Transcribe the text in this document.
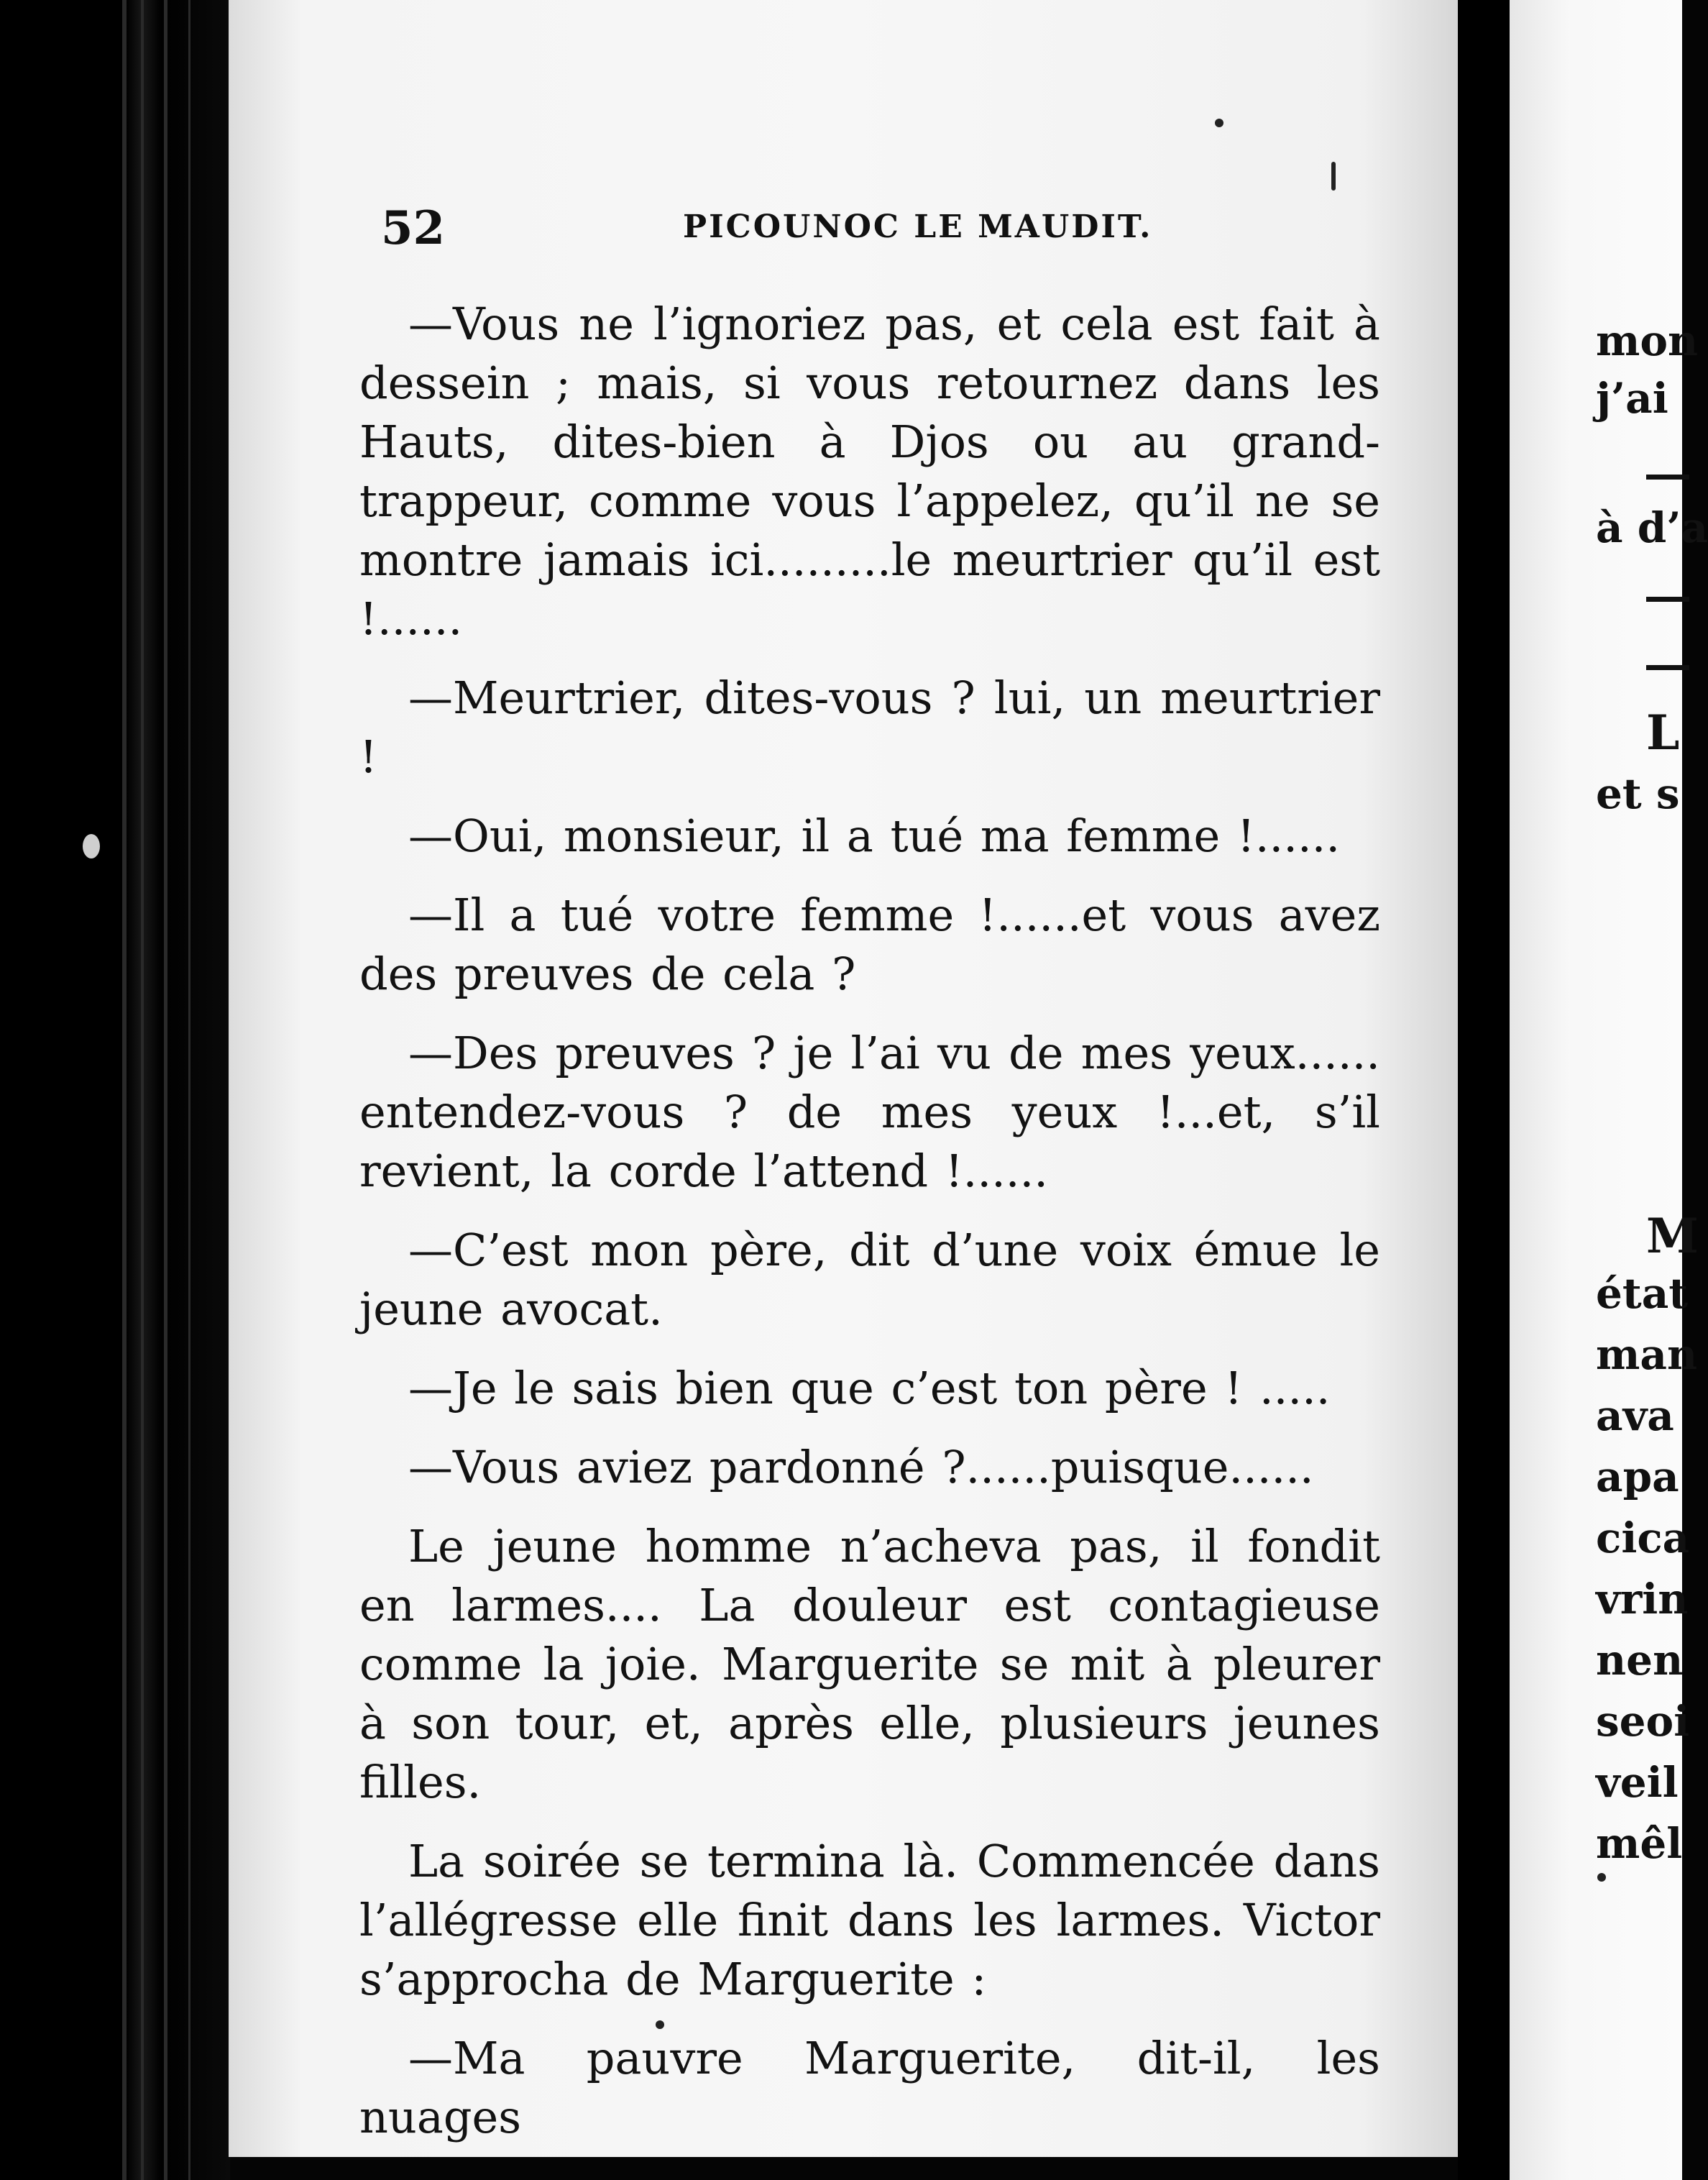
52	PICOUNOC LE MAUDIT.

—Vous ne l’ignoriez pas, et cela est fait à dessein ; mais, si vous retournez dans les Hauts, dites-bien à Djos ou au grand-trappeur, comme vous l’appelez, qu’il ne se montre jamais ici.........le meurtrier qu’il est !......

—Meurtrier, dites-vous ? lui, un meurtrier !

—Oui, monsieur, il a tué ma femme !......

—Il a tué votre femme !......et vous avez des preuves de cela ?

—Des preuves ? je l’ai vu de mes yeux...... entendez-vous ? de mes yeux !...et, s’il revient, la corde l’attend !......

—C’est mon père, dit d’une voix émue le jeune avocat.

—Je le sais bien que c’est ton père ! .....

—Vous aviez pardonné ?......puisque......

Le jeune homme n’acheva pas, il fondit en larmes.... La douleur est contagieuse comme la joie. Marguerite se mit à pleurer à son tour, et, après elle, plusieurs jeunes filles.

La soirée se termina là. Commencée dans l’allégresse elle finit dans les larmes. Victor s’approcha de Marguerite :

—Ma pauvre Marguerite, dit-il, les nuages

mon
j’ai
à d’a
L
et s
M
état
man
ava
apa
cica
vrin
nen
seoi
veil
mêl
